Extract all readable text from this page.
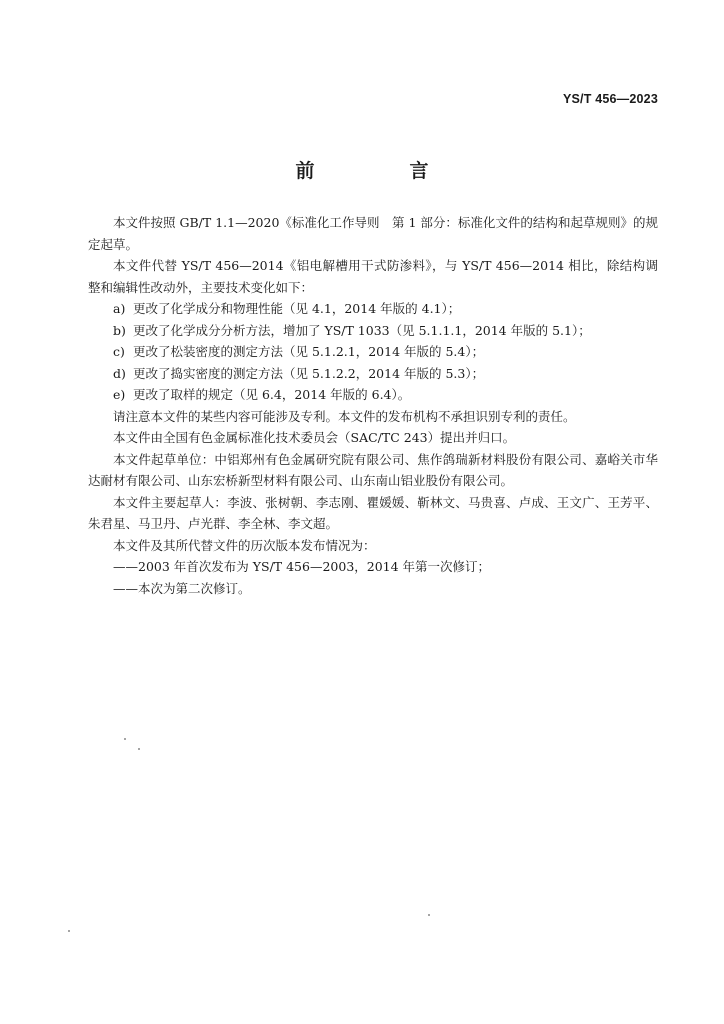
YS/T 456—2023
前　言

本文件按照 GB/T 1.1—2020《标准化工作导则　第 1 部分：标准化文件的结构和起草规则》的规定起草。

本文件代替 YS/T 456—2014《铝电解槽用干式防渗料》，与 YS/T 456—2014 相比，除结构调整和编辑性改动外，主要技术变化如下：

a) 更改了化学成分和物理性能（见 4.1，2014 年版的 4.1）；
b) 更改了化学成分分析方法，增加了 YS/T 1033（见 5.1.1.1，2014 年版的 5.1）；
c) 更改了松装密度的测定方法（见 5.1.2.1，2014 年版的 5.4）；
d) 更改了捣实密度的测定方法（见 5.1.2.2，2014 年版的 5.3）；
e) 更改了取样的规定（见 6.4，2014 年版的 6.4）。

请注意本文件的某些内容可能涉及专利。本文件的发布机构不承担识别专利的责任。

本文件由全国有色金属标准化技术委员会（SAC/TC 243）提出并归口。

本文件起草单位：中铝郑州有色金属研究院有限公司、焦作鸽瑞新材料股份有限公司、嘉峪关市华达耐材有限公司、山东宏桥新型材料有限公司、山东南山铝业股份有限公司。

本文件主要起草人：李波、张树朝、李志刚、瞿媛媛、靳林文、马贵喜、卢成、王文广、王芳平、朱君星、马卫丹、卢光群、李全林、李文超。

本文件及其所代替文件的历次版本发布情况为：

——2003 年首次发布为 YS/T 456—2003，2014 年第一次修订；

——本次为第二次修订。
